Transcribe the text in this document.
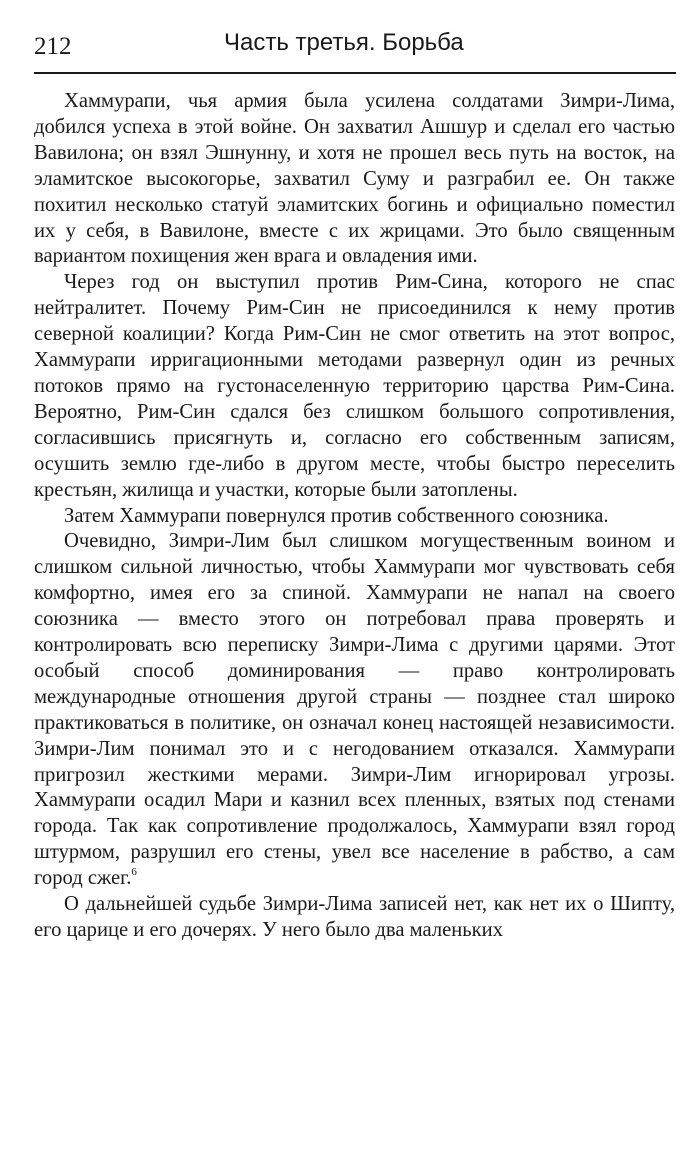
212	Часть третья. Борьба

Хаммурапи, чья армия была усилена солдатами Зимри-Лима, добился успеха в этой войне. Он захватил Ашшур и сделал его частью Вавилона; он взял Эшнунну, и хотя не прошел весь путь на восток, на эламитское высокогорье, захватил Суму и разграбил ее. Он также похитил несколько статуй эламитских богинь и официально поместил их у себя, в Вавилоне, вместе с их жрицами. Это было священным вариантом похищения жен врага и овладения ими.

Через год он выступил против Рим-Сина, которого не спас нейтралитет. Почему Рим-Син не присоединился к нему против северной коалиции? Когда Рим-Син не смог ответить на этот вопрос, Хаммурапи ирригационными методами развернул один из речных потоков прямо на густонаселенную территорию царства Рим-Сина. Вероятно, Рим-Син сдался без слишком большого сопротивления, согласившись присягнуть и, согласно его собственным записям, осушить землю где-либо в другом месте, чтобы быстро переселить крестьян, жилища и участки, которые были затоплены.

Затем Хаммурапи повернулся против собственного союзника.

Очевидно, Зимри-Лим был слишком могущественным воином и слишком сильной личностью, чтобы Хаммурапи мог чувствовать себя комфортно, имея его за спиной. Хаммурапи не напал на своего союзника — вместо этого он потребовал права проверять и контролировать всю переписку Зимри-Лима с другими царями. Этот особый способ доминирования — право контролировать международные отношения другой страны — позднее стал широко практиковаться в политике, он означал конец настоящей независимости. Зимри-Лим понимал это и с негодованием отказался. Хаммурапи пригрозил жесткими мерами. Зимри-Лим игнорировал угрозы. Хаммурапи осадил Мари и казнил всех пленных, взятых под стенами города. Так как сопротивление продолжалось, Хаммурапи взял город штурмом, разрушил его стены, увел все население в рабство, а сам город сжег.$^6$

О дальнейшей судьбе Зимри-Лима записей нет, как нет их о Шипту, его царице и его дочерях. У него было два маленьких
